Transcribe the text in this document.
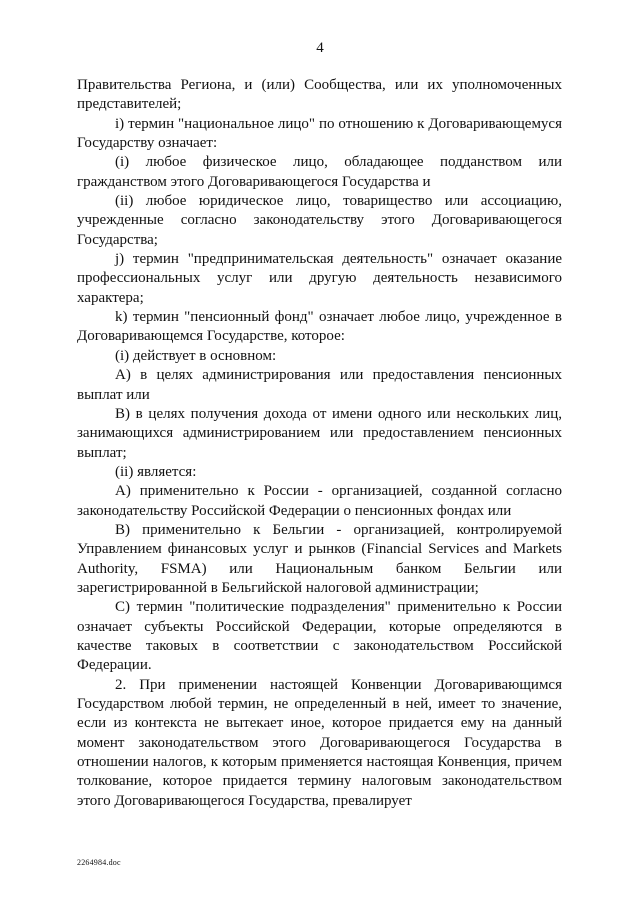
4

Правительства Региона, и (или) Сообщества, или их уполномоченных представителей;

i) термин "национальное лицо" по отношению к Договаривающемуся Государству означает:

(i) любое физическое лицо, обладающее подданством или гражданством этого Договаривающегося Государства и

(ii) любое юридическое лицо, товарищество или ассоциацию, учрежденные согласно законодательству этого Договаривающегося Государства;

j) термин "предпринимательская деятельность" означает оказание профессиональных услуг или другую деятельность независимого характера;

k) термин "пенсионный фонд" означает любое лицо, учрежденное в Договаривающемся Государстве, которое:

(i) действует в основном:

A) в целях администрирования или предоставления пенсионных выплат или

B) в целях получения дохода от имени одного или нескольких лиц, занимающихся администрированием или предоставлением пенсионных выплат;

(ii) является:

A) применительно к России - организацией, созданной согласно законодательству Российской Федерации о пенсионных фондах или

B) применительно к Бельгии - организацией, контролируемой Управлением финансовых услуг и рынков (Financial Services and Markets Authority, FSMA) или Национальным банком Бельгии или зарегистрированной в Бельгийской налоговой администрации;

C) термин "политические подразделения" применительно к России означает субъекты Российской Федерации, которые определяются в качестве таковых в соответствии с законодательством Российской Федерации.

2. При применении настоящей Конвенции Договаривающимся Государством любой термин, не определенный в ней, имеет то значение, если из контекста не вытекает иное, которое придается ему на данный момент законодательством этого Договаривающегося Государства в отношении налогов, к которым применяется настоящая Конвенция, причем толкование, которое придается термину налоговым законодательством этого Договаривающегося Государства, превалирует

2264984.doc
